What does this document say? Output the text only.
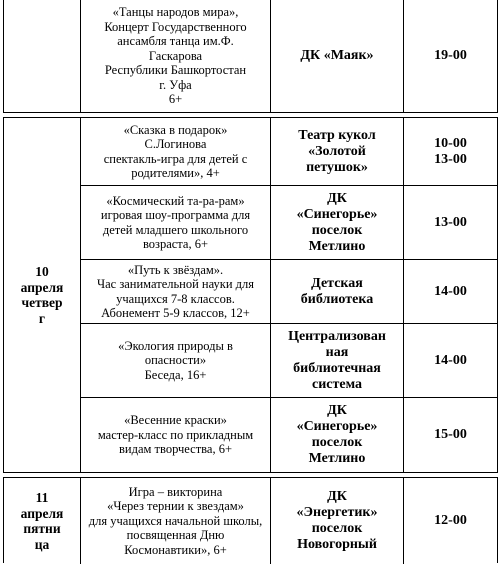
«Танцы народов мира»,
Концерт Государственного
ансамбля танца им.Ф.
Гаскарова
Республики Башкортостан
г. Уфа
6+
ДК «Маяк»	19-00
10
апреля
четвер
г
«Сказка в подарок»
С.Логинова
спектакль-игра для детей с
родителями», 4+
Театр кукол
«Золотой
петушок»
10-00
13-00
«Космический та-ра-рам»
игровая шоу-программа для
детей младшего школьного
возраста, 6+
ДК
«Синегорье»
поселок
Метлино
13-00
«Путь к звёздам».
Час занимательной науки для
учащихся 7-8 классов.
Абонемент 5-9 классов, 12+
Детская
библиотека
14-00
«Экология природы в
опасности»
Беседа, 16+
Централизован
ная
библиотечная
система
14-00
«Весенние краски»
мастер-класс по прикладным
видам творчества, 6+
ДК
«Синегорье»
поселок
Метлино
15-00
11
апреля
пятни
ца
Игра – викторина
«Через тернии к звездам»
для учащихся начальной школы,
посвященная Дню
Космонавтики», 6+
ДК
«Энергетик»
поселок
Новогорный
12-00
